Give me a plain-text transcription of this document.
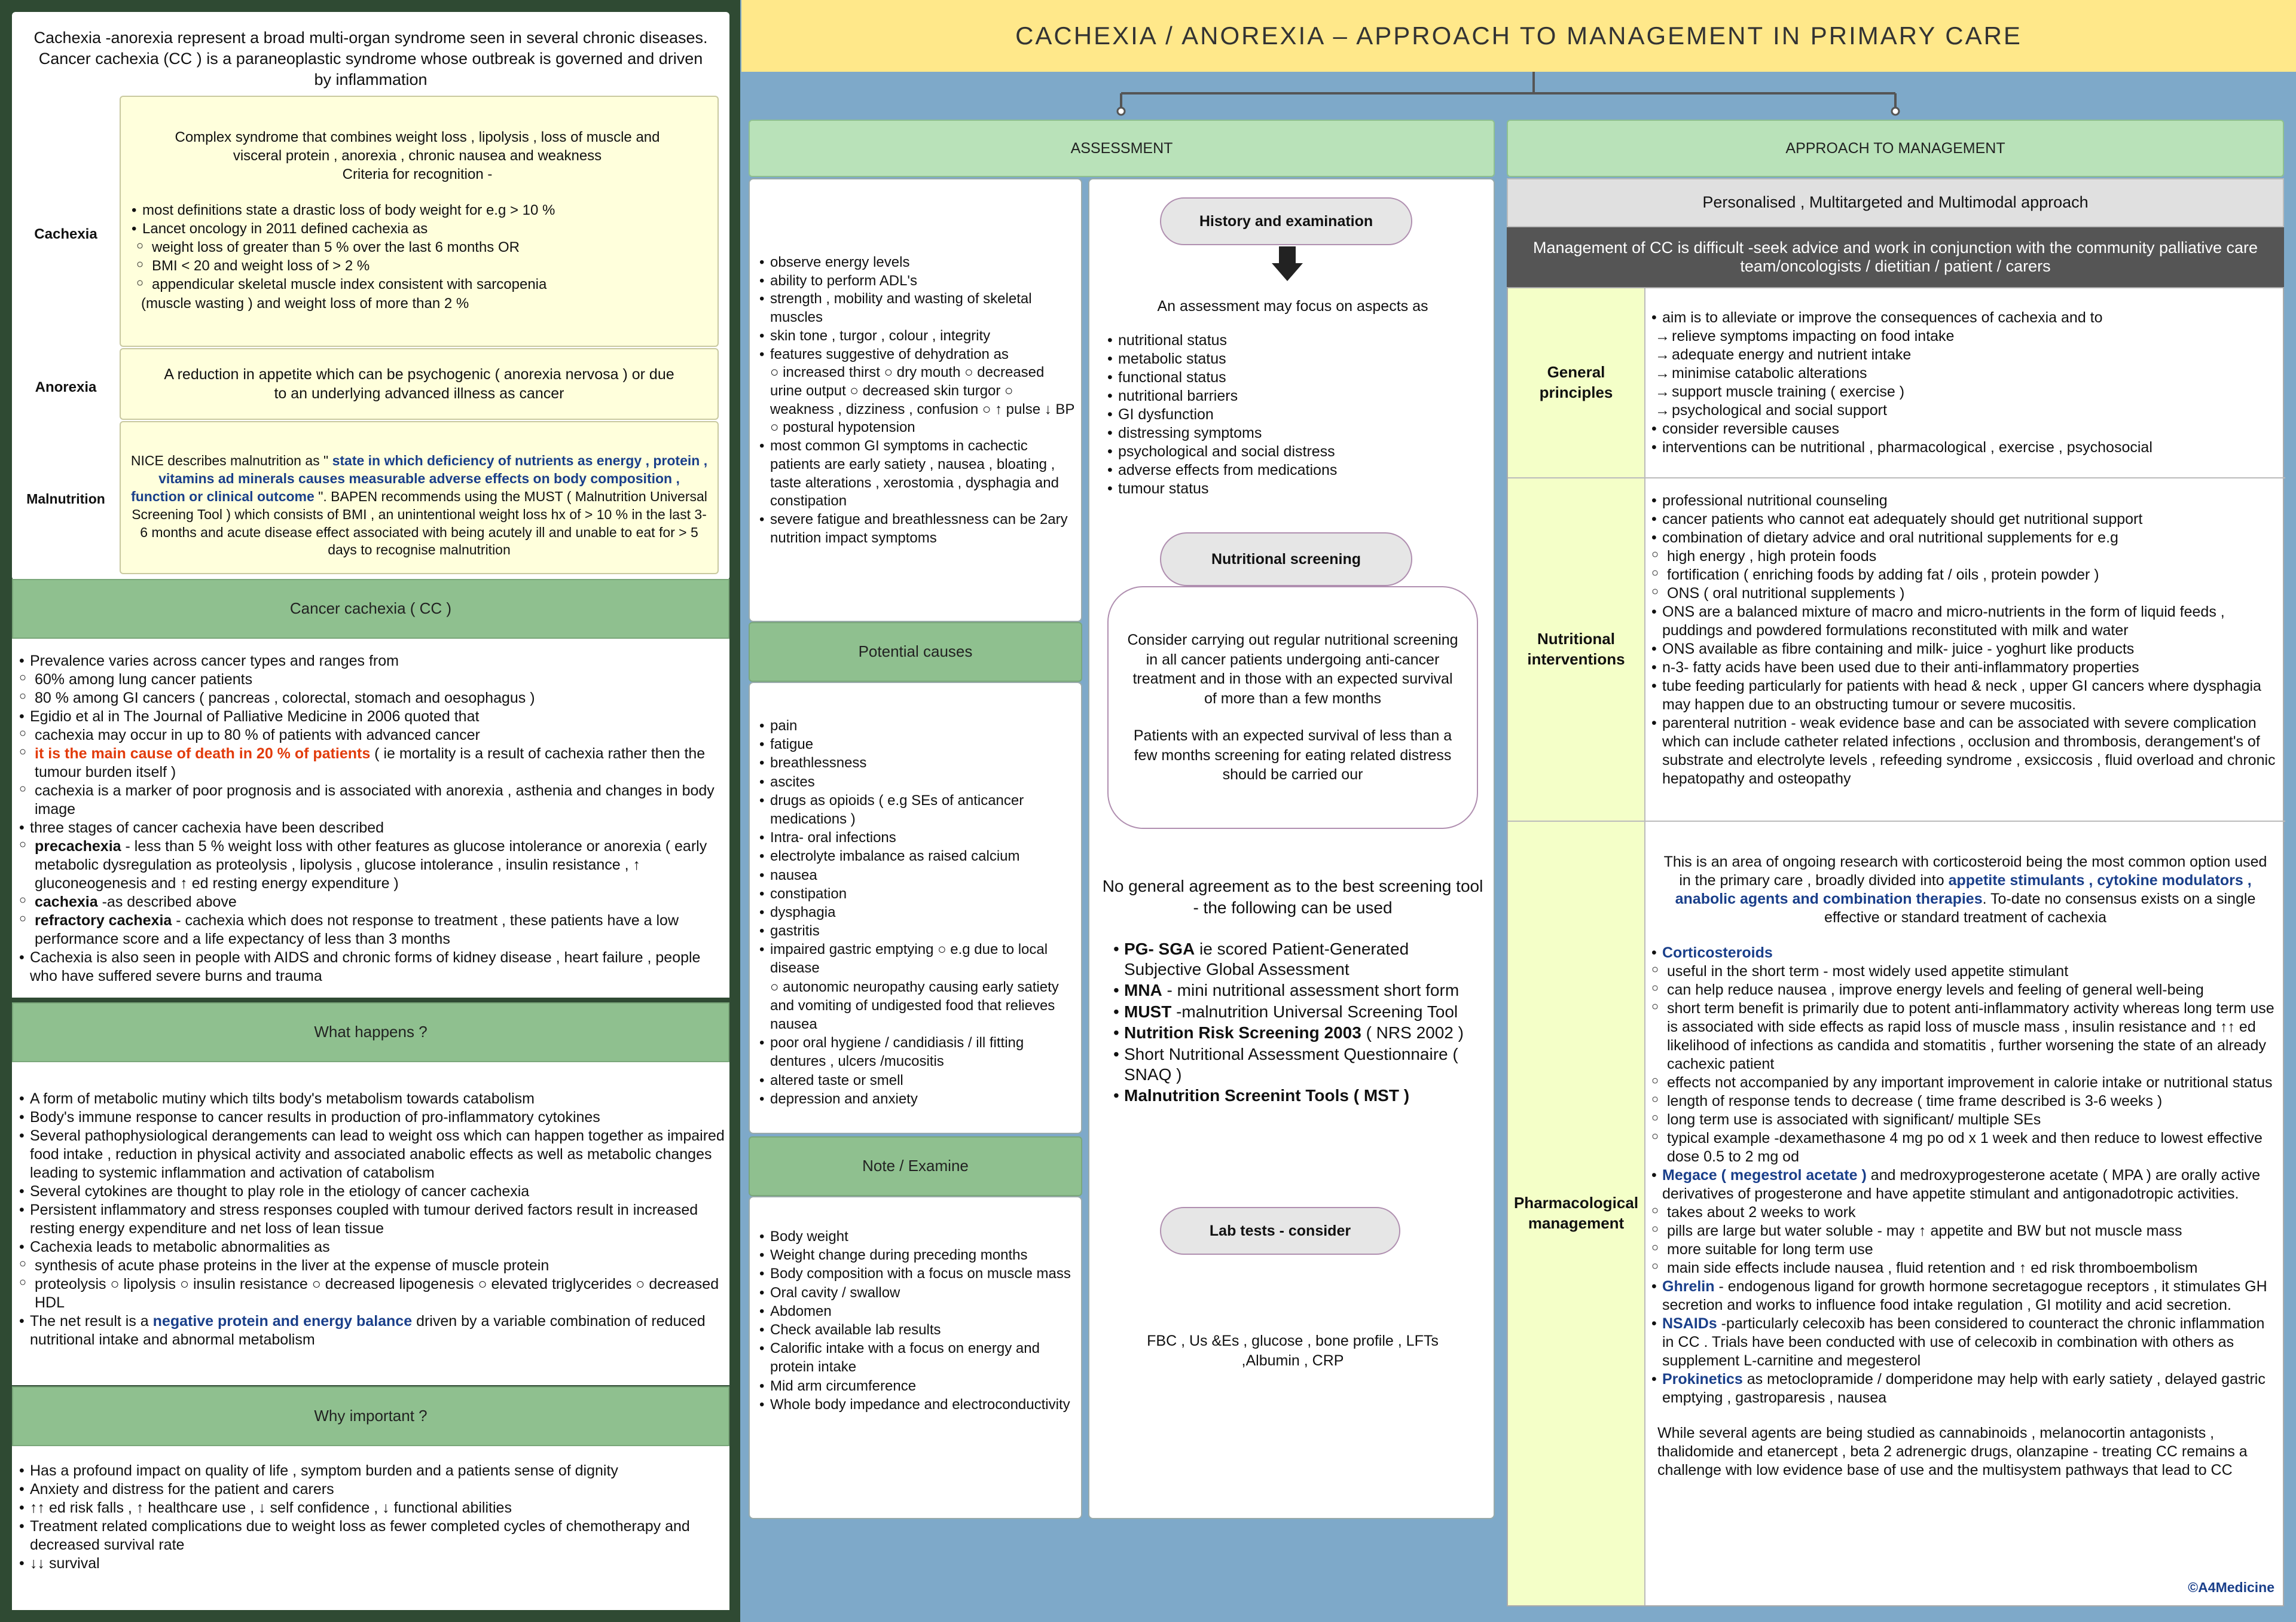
Cachexia -anorexia represent a broad multi-organ syndrome seen in several chronic diseases. Cancer cachexia (CC ) is a paraneoplastic syndrome whose outbreak is governed and driven by inflammation
Cachexia
Complex syndrome that combines weight loss , lipolysis , loss of muscle and visceral protein , anorexia , chronic nausea and weakness
Criteria for recognition -
• most definitions state a drastic loss of body weight for e.g > 10 %
• Lancet oncology in 2011 defined cachexia as
○ weight loss of greater than 5 % over the last 6 months OR
○ BMI < 20 and weight loss of > 2 %
○ appendicular skeletal muscle index consistent with sarcopenia
(muscle wasting ) and weight loss of more than 2 %
Anorexia
A reduction in appetite which can be psychogenic ( anorexia nervosa ) or due to an underlying advanced illness as cancer
Malnutrition
NICE describes malnutrition as " state in which deficiency of nutrients as energy , protein , vitamins ad minerals causes measurable adverse effects on body composition , function or clinical outcome ". BAPEN recommends using the MUST ( Malnutrition Universal Screening Tool ) which consists of BMI , an unintentional weight loss hx of > 10 % in the last 3-6 months and acute disease effect associated with being acutely ill and unable to eat for > 5 days to recognise malnutrition
Cancer cachexia ( CC )
• Prevalence varies across cancer types and ranges from
○ 60% among lung cancer patients
○ 80 % among GI cancers ( pancreas , colorectal, stomach and oesophagus )
• Egidio et al in The Journal of Palliative Medicine in 2006 quoted that
○ cachexia may occur in up to 80 % of patients with advanced cancer
○ it is the main cause of death in 20 % of patients ( ie mortality is a result of cachexia rather then the tumour burden itself )
○ cachexia is a marker of poor prognosis and is associated with anorexia , asthenia and changes in body image
• three stages of cancer cachexia have been described
○ precachexia - less than 5 % weight loss with other features as glucose intolerance or anorexia ( early metabolic dysregulation as proteolysis , lipolysis , glucose intolerance , insulin resistance , ↑ gluconeogenesis and ↑ ed resting energy expenditure )
○ cachexia -as described above
○ refractory cachexia - cachexia which does not response to treatment , these patients have a low performance score and a life expectancy of less than 3 months
• Cachexia is also seen in people with AIDS and chronic forms of kidney disease , heart failure , people who have suffered severe burns and trauma
What happens ?
• A form of metabolic mutiny which tilts body's metabolism towards catabolism
• Body's immune response to cancer results in production of pro-inflammatory cytokines
• Several pathophysiological derangements can lead to weight oss which can happen together as impaired food intake , reduction in physical activity and associated anabolic effects as well as metabolic changes leading to systemic inflammation and activation of catabolism
• Several cytokines are thought to play role in the etiology of cancer cachexia
• Persistent inflammatory and stress responses coupled with tumour derived factors result in increased resting energy expenditure and net loss of lean tissue
• Cachexia leads to metabolic abnormalities as
○ synthesis of acute phase proteins in the liver at the expense of muscle protein
○ proteolysis ○ lipolysis ○ insulin resistance ○ decreased lipogenesis ○ elevated triglycerides ○ decreased HDL
• The net result is a negative protein and energy balance driven by a variable combination of reduced nutritional intake and abnormal metabolism
Why important ?
• Has a profound impact on quality of life , symptom burden and a patients sense of dignity
• Anxiety and distress for the patient and carers
• ↑↑ ed risk falls , ↑ healthcare use , ↓ self confidence , ↓ functional abilities
• Treatment related complications due to weight loss as fewer completed cycles of chemotherapy and decreased survival rate
• ↓↓ survival
CACHEXIA / ANOREXIA – APPROACH TO MANAGEMENT IN PRIMARY CARE
ASSESSMENT
• observe energy levels
• ability to perform ADL's
• strength , mobility and wasting of skeletal muscles
• skin tone , turgor , colour , integrity
• features suggestive of dehydration as
○ increased thirst ○ dry mouth ○ decreased urine output ○ decreased skin turgor ○ weakness , dizziness , confusion ○ ↑ pulse ↓ BP ○ postural hypotension
• most common GI symptoms in cachectic patients are early satiety , nausea , bloating , taste alterations , xerostomia , dysphagia and constipation
• severe fatigue and breathlessness can be 2ary nutrition impact symptoms
Potential causes
• pain
• fatigue
• breathlessness
• ascites
• drugs as opioids ( e.g SEs of anticancer medications )
• Intra- oral infections
• electrolyte imbalance as raised calcium
• nausea
• constipation
• dysphagia
• gastritis
• impaired gastric emptying ○ e.g due to local disease
○ autonomic neuropathy causing early satiety and vomiting of undigested food that relieves nausea
• poor oral hygiene / candidiasis / ill fitting dentures , ulcers /mucositis
• altered taste or smell
• depression and anxiety
Note / Examine
• Body weight
• Weight change during preceding months
• Body composition with a focus on muscle mass
• Oral cavity / swallow
• Abdomen
• Check available lab results
• Calorific intake with a focus on energy and protein intake
• Mid arm circumference
• Whole body impedance and electroconductivity
History and examination
An assessment may focus on aspects as
• nutritional status
• metabolic status
• functional status
• nutritional barriers
• GI dysfunction
• distressing symptoms
• psychological and social distress
• adverse effects from medications
• tumour status
Nutritional screening
Consider carrying out regular nutritional screening in all cancer patients undergoing anti-cancer treatment and in those with an expected survival of more than a few months
Patients with an expected survival of less than a few months screening for eating related distress should be carried our
No general agreement as to the best screening tool - the following can be used
• PG- SGA ie scored Patient-Generated Subjective Global Assessment
• MNA - mini nutritional assessment short form
• MUST -malnutrition Universal Screening Tool
• Nutrition Risk Screening 2003 ( NRS 2002 )
• Short Nutritional Assessment Questionnaire ( SNAQ )
• Malnutrition Screenint Tools ( MST )
Lab tests - consider
FBC , Us &Es , glucose , bone profile , LFTs ,Albumin , CRP
APPROACH TO MANAGEMENT
Personalised , Multitargeted and Multimodal approach
Management of CC is difficult -seek advice and work in conjunction with the community palliative care team/oncologists / dietitian / patient / carers
General principles
• aim is to alleviate or improve the consequences of cachexia and to
→ relieve symptoms impacting on food intake
→ adequate energy and nutrient intake
→ minimise catabolic alterations
→ support muscle training ( exercise )
→ psychological and social support
• consider reversible causes
• interventions can be nutritional , pharmacological , exercise , psychosocial
Nutritional interventions
• professional nutritional counseling
• cancer patients who cannot eat adequately should get nutritional support
• combination of dietary advice and oral nutritional supplements for e.g
○ high energy , high protein foods
○ fortification ( enriching foods by adding fat / oils , protein powder )
○ ONS ( oral nutritional supplements )
• ONS are a balanced mixture of macro and micro-nutrients in the form of liquid feeds , puddings and powdered formulations reconstituted with milk and water
• ONS available as fibre containing and milk- juice - yoghurt like products
• n-3- fatty acids have been used due to their anti-inflammatory properties
• tube feeding particularly for patients with head & neck , upper GI cancers where dysphagia may happen due to an obstructing tumour or severe mucositis.
• parenteral nutrition - weak evidence base and can be associated with severe complication which can include catheter related infections , occlusion and thrombosis, derangement's of substrate and electrolyte levels , refeeding syndrome , exsiccosis , fluid overload and chronic hepatopathy and osteopathy
Pharmacological management
This is an area of ongoing research with corticosteroid being the most common option used in the primary care , broadly divided into appetite stimulants , cytokine modulators , anabolic agents and combination therapies. To-date no consensus exists on a single effective or standard treatment of cachexia
• Corticosteroids
○ useful in the short term - most widely used appetite stimulant
○ can help reduce nausea , improve energy levels and feeling of general well-being
○ short term benefit is primarily due to potent anti-inflammatory activity whereas long term use is associated with side effects as rapid loss of muscle mass , insulin resistance and ↑↑ ed likelihood of infections as candida and stomatitis , further worsening the state of an already cachexic patient
○ effects not accompanied by any important improvement in calorie intake or nutritional status
○ length of response tends to decrease ( time frame described is 3-6 weeks )
○ long term use is associated with significant/ multiple SEs
○ typical example -dexamethasone 4 mg po od x 1 week and then reduce to lowest effective dose 0.5 to 2 mg od
• Megace ( megestrol acetate ) and medroxyprogesterone acetate ( MPA ) are orally active derivatives of progesterone and have appetite stimulant and antigonadotropic activities.
○ takes about 2 weeks to work
○ pills are large but water soluble - may ↑ appetite and BW but not muscle mass
○ more suitable for long term use
○ main side effects include nausea , fluid retention and ↑ ed risk thromboembolism
• Ghrelin - endogenous ligand for growth hormone secretagogue receptors , it stimulates GH secretion and works to influence food intake regulation , GI motility and acid secretion.
• NSAIDs -particularly celecoxib has been considered to counteract the chronic inflammation in CC . Trials have been conducted with use of celecoxib in combination with others as supplement L-carnitine and megesterol
• Prokinetics as metoclopramide / domperidone may help with early satiety , delayed gastric emptying , gastroparesis , nausea
While several agents are being studied as cannabinoids , melanocortin antagonists , thalidomide and etanercept , beta 2 adrenergic drugs, olanzapine - treating CC remains a challenge with low evidence base of use and the multisystem pathways that lead to CC
©A4Medicine
